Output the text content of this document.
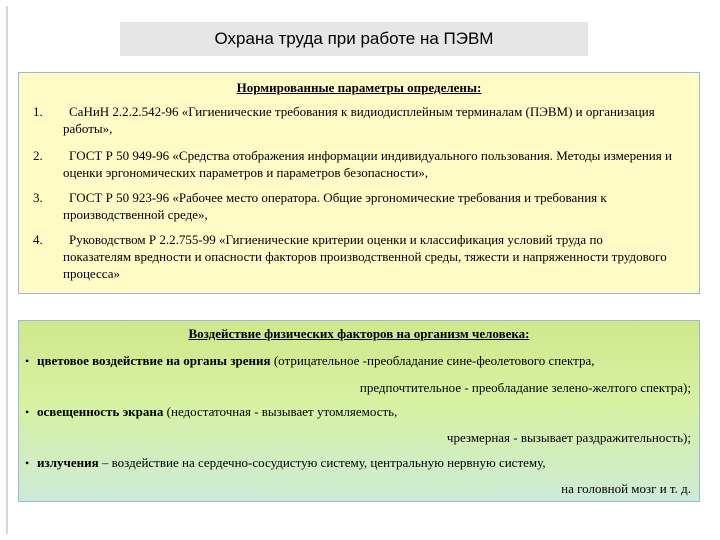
Охрана труда при работе на ПЭВМ
Нормированные параметры определены:
1.	СаНиН 2.2.2.542-96 «Гигиенические требования к видиодисплейным терминалам (ПЭВМ) и организация работы»,
2.	ГОСТ Р 50 949-96 «Средства отображения информации индивидуального пользования. Методы измерения и оценки эргономических параметров и параметров безопасности»,
3.	ГОСТ Р 50 923-96 «Рабочее место оператора. Общие эргономические требования и требования к производственной среде»,
4.	Руководством Р 2.2.755-99 «Гигиенические критерии оценки и классификация условий труда по показателям вредности и опасности факторов производственной среды, тяжести и напряженности трудового процесса»
Воздействие физических факторов на организм человека:
• цветовое воздействие на органы зрения (отрицательное -преобладание сине-феолетового спектра,
предпочтительное - преобладание зелено-желтого спектра);
• освещенность экрана (недостаточная - вызывает утомляемость,
чрезмерная - вызывает раздражительность);
• излучения – воздействие на сердечно-сосудистую систему, центральную нервную систему,
на головной мозг и т. д.
